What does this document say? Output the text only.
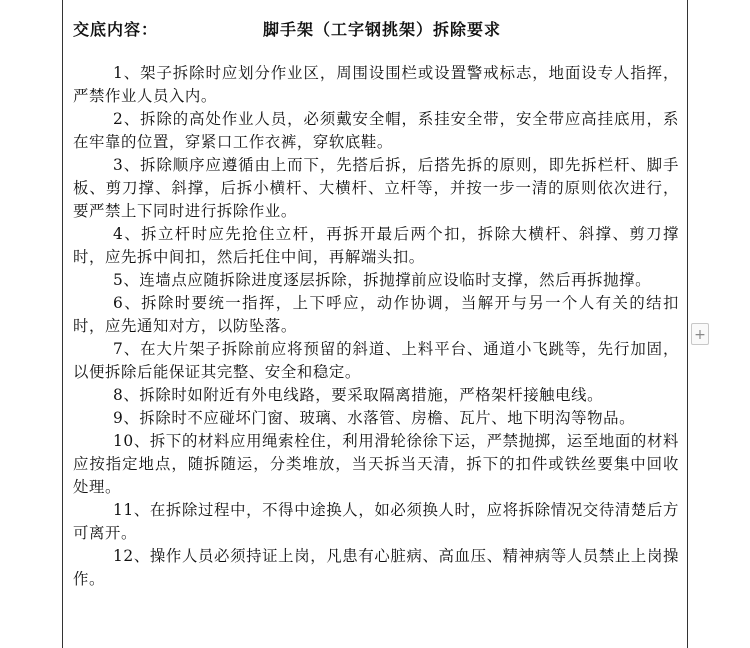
交底内容：	脚手架（工字钢挑架）拆除要求

1、架子拆除时应划分作业区，周围设围栏或设置警戒标志，地面设专人指挥，严禁作业人员入内。

2、拆除的高处作业人员，必须戴安全帽，系挂安全带，安全带应高挂底用，系在牢靠的位置，穿紧口工作衣裤，穿软底鞋。

3、拆除顺序应遵循由上而下，先搭后拆，后搭先拆的原则，即先拆栏杆、脚手板、剪刀撑、斜撑，后拆小横杆、大横杆、立杆等，并按一步一清的原则依次进行，要严禁上下同时进行拆除作业。

4、拆立杆时应先抢住立杆，再拆开最后两个扣，拆除大横杆、斜撑、剪刀撑时，应先拆中间扣，然后托住中间，再解端头扣。

5、连墙点应随拆除进度逐层拆除，拆抛撑前应设临时支撑，然后再拆抛撑。

6、拆除时要统一指挥，上下呼应，动作协调，当解开与另一个人有关的结扣时，应先通知对方，以防坠落。

7、在大片架子拆除前应将预留的斜道、上料平台、通道小飞跳等，先行加固，以便拆除后能保证其完整、安全和稳定。

8、拆除时如附近有外电线路，要采取隔离措施，严格架杆接触电线。

9、拆除时不应碰坏门窗、玻璃、水落管、房檐、瓦片、地下明沟等物品。

10、拆下的材料应用绳索栓住，利用滑轮徐徐下运，严禁抛掷，运至地面的材料应按指定地点，随拆随运，分类堆放，当天拆当天清，拆下的扣件或铁丝要集中回收处理。

11、在拆除过程中，不得中途换人，如必须换人时，应将拆除情况交待清楚后方可离开。

12、操作人员必须持证上岗，凡患有心脏病、高血压、精神病等人员禁止上岗操作。

+
